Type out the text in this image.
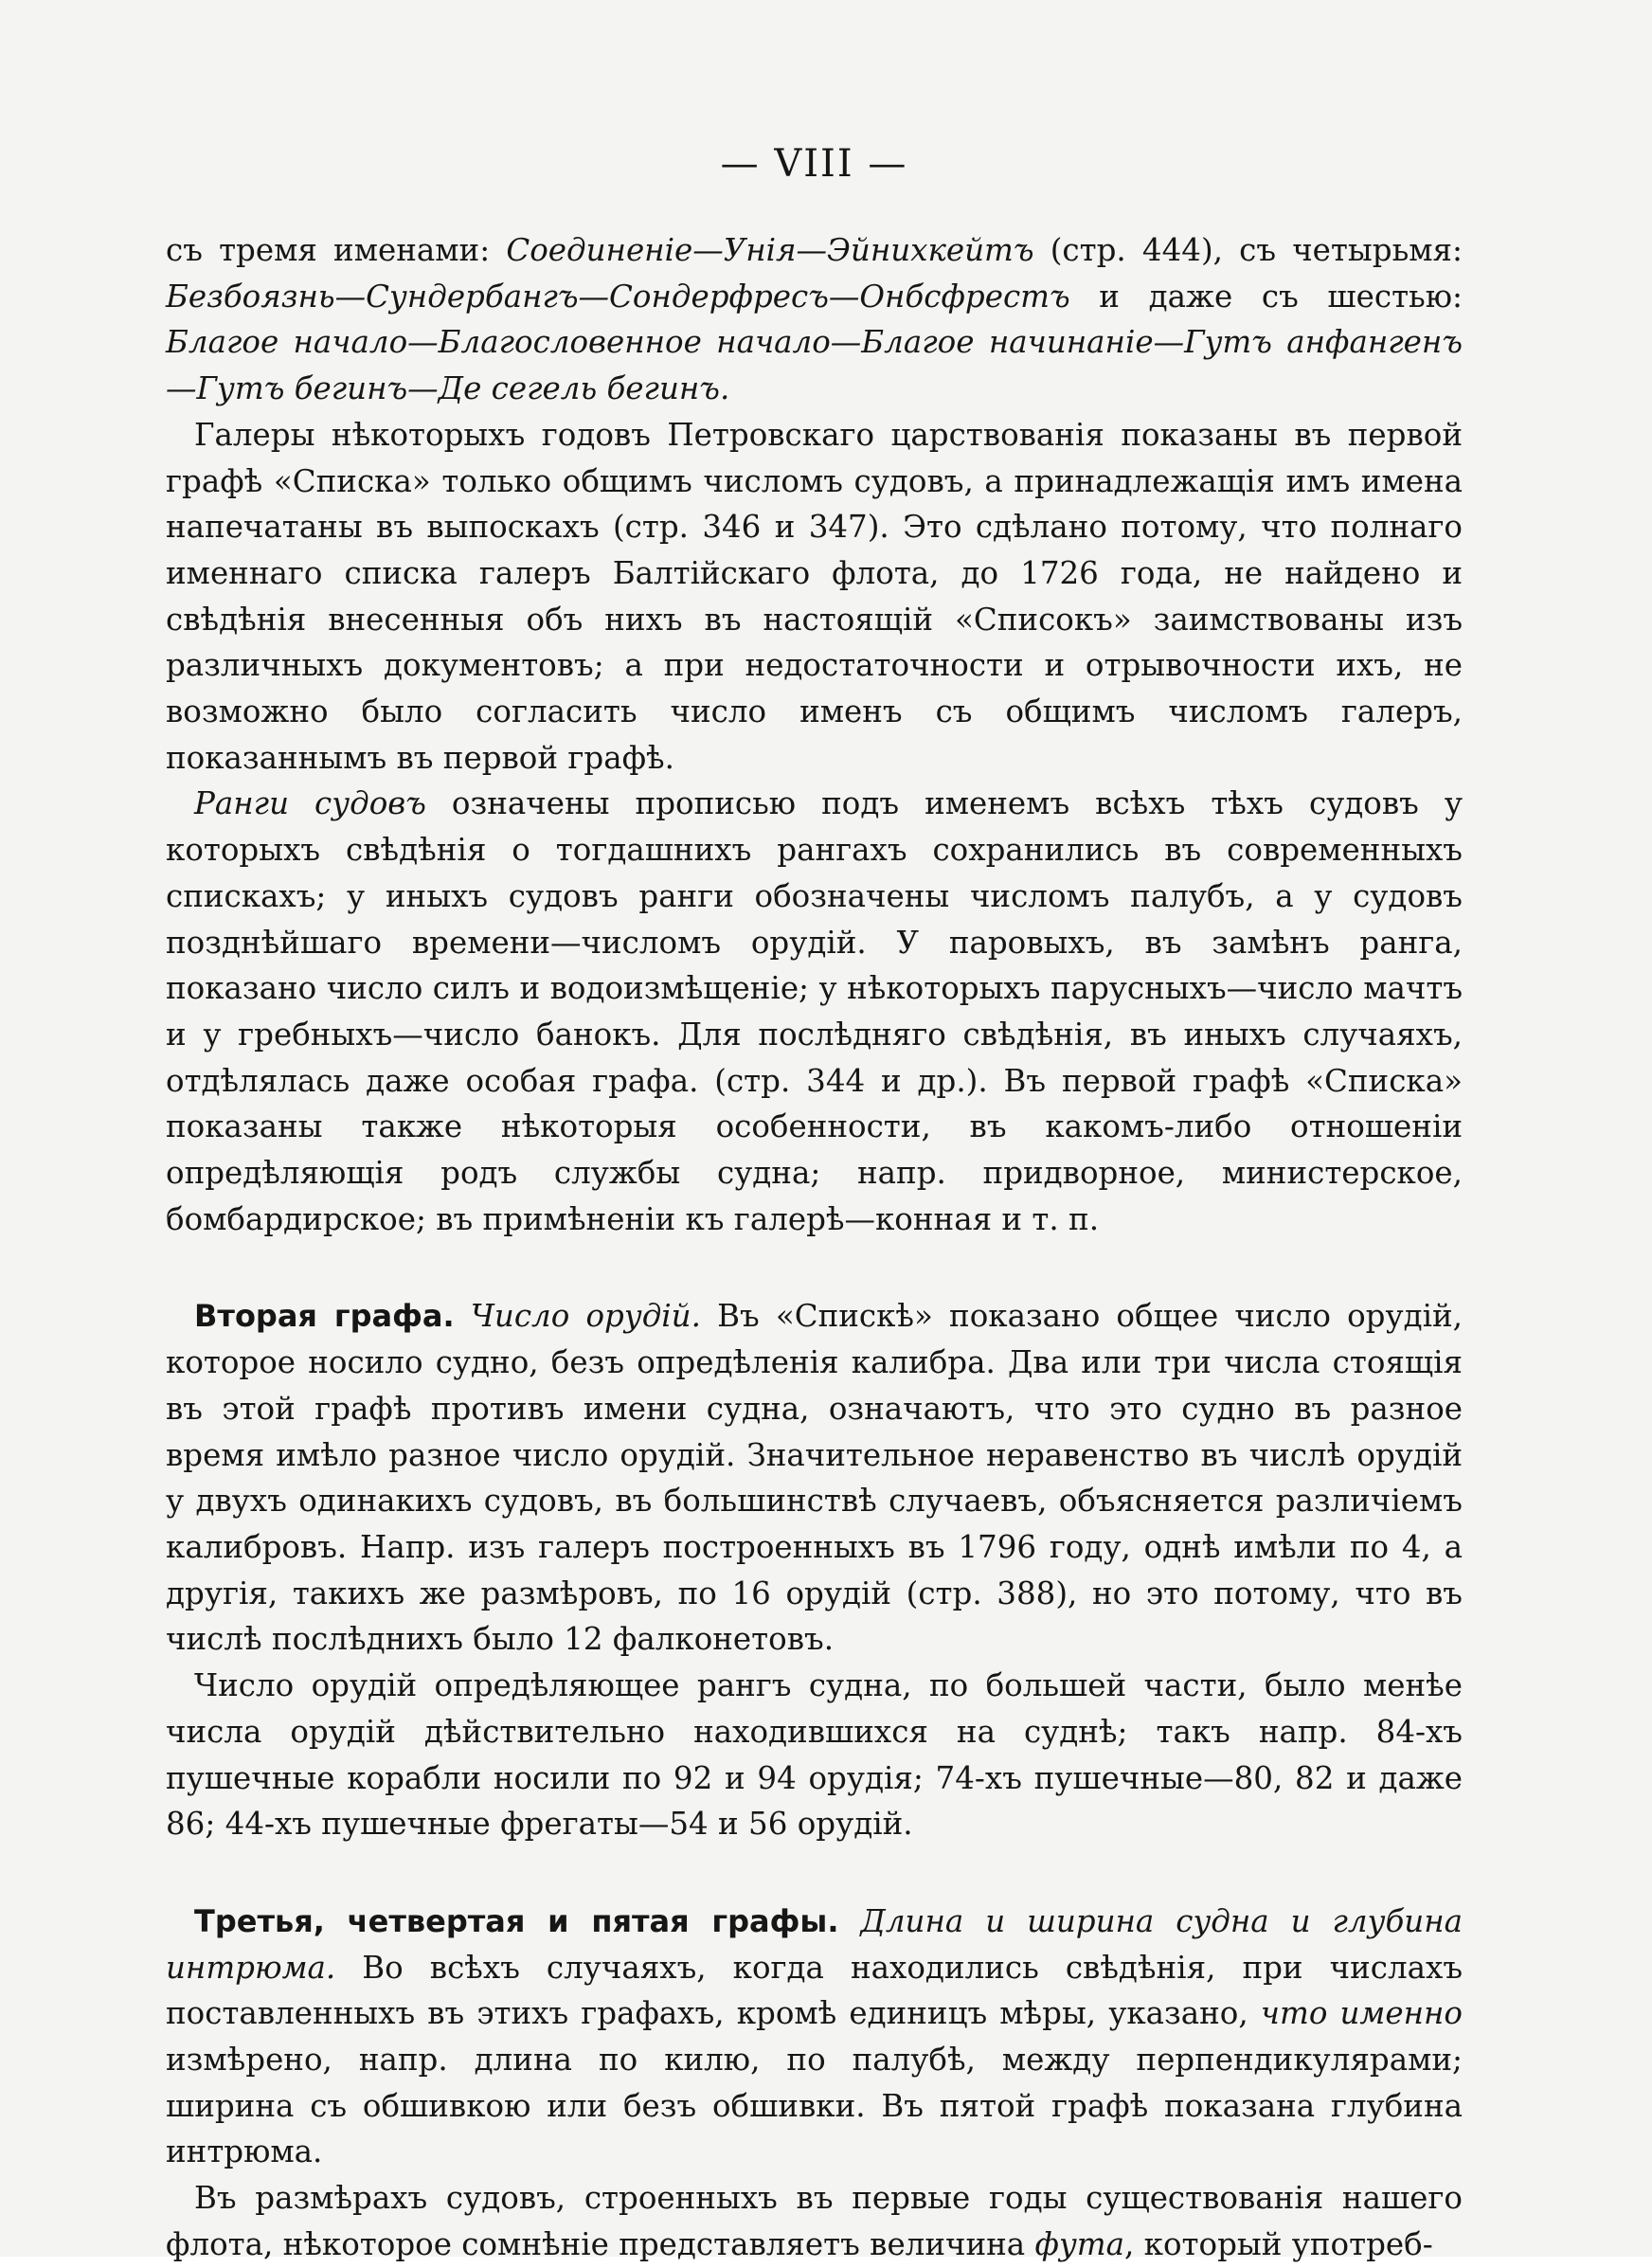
— VIII —

съ тремя именами: Соединеніе—Унія—Эйнихкейтъ (стр. 444), съ четырьмя: Безбоязнь—Сундербангъ—Сондерфресъ—Онбсфрестъ и даже съ шестью: Благое начало—Благословенное начало—Благое начинаніе—Гутъ анфангенъ—Гутъ бегинъ—Де сегель бегинъ.

Галеры нѣкоторыхъ годовъ Петровскаго царствованія показаны въ первой графѣ «Списка» только общимъ числомъ судовъ, а принадлежащія имъ имена напечатаны въ выпоскахъ (стр. 346 и 347). Это сдѣлано потому, что полнаго именнаго списка галеръ Балтійскаго флота, до 1726 года, не найдено и свѣдѣнія внесенныя объ нихъ въ настоящій «Списокъ» заимствованы изъ различныхъ документовъ; а при недостаточности и отрывочности ихъ, не возможно было согласить число именъ съ общимъ числомъ галеръ, показаннымъ въ первой графѣ.

Ранги судовъ означены прописью подъ именемъ всѣхъ тѣхъ судовъ у которыхъ свѣдѣнія о тогдашнихъ рангахъ сохранились въ современныхъ спискахъ; у иныхъ судовъ ранги обозначены числомъ палубъ, а у судовъ позднѣйшаго времени—числомъ орудій. У паровыхъ, въ замѣнъ ранга, показано число силъ и водоизмѣщеніе; у нѣкоторыхъ парусныхъ—число мачтъ и у гребныхъ—число банокъ. Для послѣдняго свѣдѣнія, въ иныхъ случаяхъ, отдѣлялась даже особая графа. (стр. 344 и др.). Въ первой графѣ «Списка» показаны также нѣкоторыя особенности, въ какомъ-либо отношеніи опредѣляющія родъ службы судна; напр. придворное, министерское, бомбардирское; въ примѣненіи къ галерѣ—конная и т. п.

Вторая графа. Число орудій. Въ «Спискѣ» показано общее число орудій, которое носило судно, безъ опредѣленія калибра. Два или три числа стоящія въ этой графѣ противъ имени судна, означаютъ, что это судно въ разное время имѣло разное число орудій. Значительное неравенство въ числѣ орудій у двухъ одинакихъ судовъ, въ большинствѣ случаевъ, объясняется различіемъ калибровъ. Напр. изъ галеръ построенныхъ въ 1796 году, однѣ имѣли по 4, а другія, такихъ же размѣровъ, по 16 орудій (стр. 388), но это потому, что въ числѣ послѣднихъ было 12 фалконетовъ.

Число орудій опредѣляющее рангъ судна, по большей части, было менѣе числа орудій дѣйствительно находившихся на суднѣ; такъ напр. 84-хъ пушечные корабли носили по 92 и 94 орудія; 74-хъ пушечные—80, 82 и даже 86; 44-хъ пушечные фрегаты—54 и 56 орудій.

Третья, четвертая и пятая графы. Длина и ширина судна и глубина интрюма. Во всѣхъ случаяхъ, когда находились свѣдѣнія, при числахъ поставленныхъ въ этихъ графахъ, кромѣ единицъ мѣры, указано, что именно измѣрено, напр. длина по килю, по палубѣ, между перпендикулярами; ширина съ обшивкою или безъ обшивки. Въ пятой графѣ показана глубина интрюма.

Въ размѣрахъ судовъ, строенныхъ въ первые годы существованія нашего флота, нѣкоторое сомнѣніе представляетъ величина фута, который употреб-
